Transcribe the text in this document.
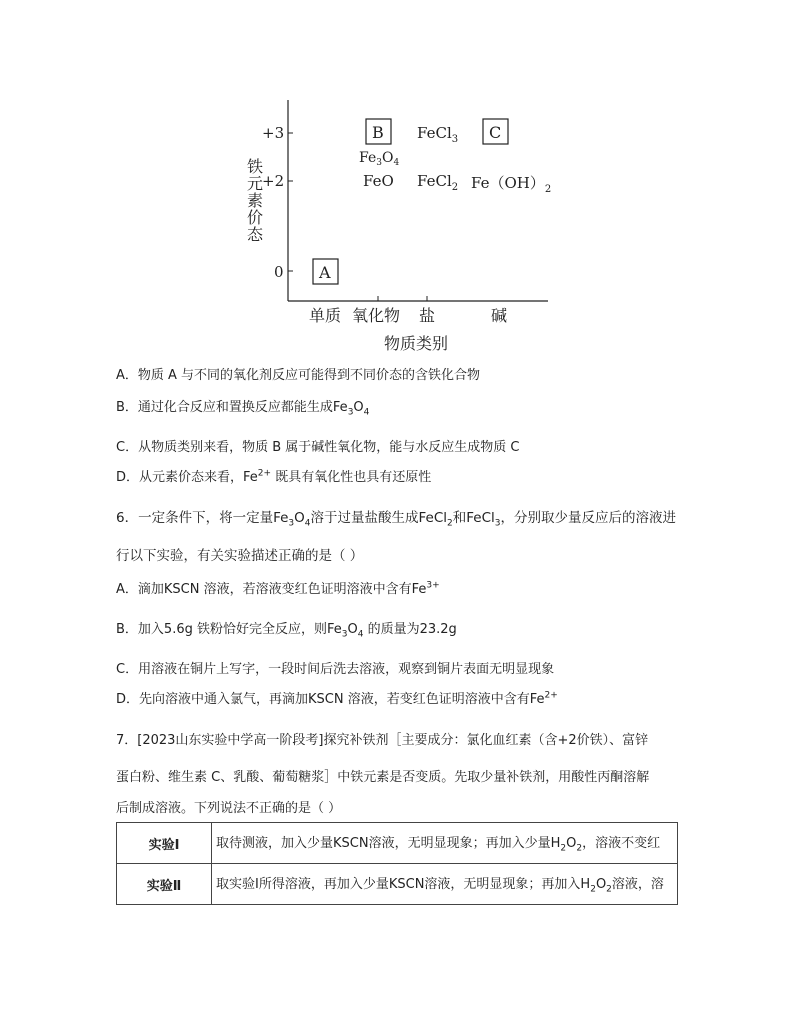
+3
+2
0
铁元素价态
单质 氧化物 盐	碱
物质类别
A
B	C
FeCl$_3$
$Fe_3O_4$
FeO FeCl$_2$ $Fe(OH)_2$
A．物质 A 与不同的氧化剂反应可能得到不同价态的含铁化合物
B．通过化合反应和置换反应都能生成$Fe_3O_4$
C．从物质类别来看，物质 B 属于碱性氧化物，能与水反应生成物质 C
D．从元素价态来看，$Fe^{2+}$ 既具有氧化性也具有还原性
6．一定条件下，将一定量$Fe_3O_4$溶于过量盐酸生成FeCl$_2$和FeCl$_3$，分别取少量反应后的溶液进
行以下实验，有关实验描述正确的是（ ）
A．滴加KSCN 溶液，若溶液变红色证明溶液中含有$Fe^{3+}$
B．加入5.6g 铁粉恰好完全反应，则$Fe_3O_4$ 的质量为23.2g
C．用溶液在铜片上写字，一段时间后洗去溶液，观察到铜片表面无明显现象
D．先向溶液中通入氯气，再滴加KSCN 溶液，若变红色证明溶液中含有$Fe^{2+}$
7．[2023山东实验中学高一阶段考]探究补铁剂［主要成分：氯化血红素（含+2价铁）、富锌
蛋白粉、维生素 C、乳酸、葡萄糖浆］中铁元素是否变质。先取少量补铁剂，用酸性丙酮溶解
后制成溶液。下列说法不正确的是（ ）
实验Ⅰ	取待测液，加入少量KSCN溶液，无明显现象；再加入少量$H_2O_2$，溶液不变红
实验Ⅱ	取实验Ⅰ所得溶液，再加入少量KSCN溶液，无明显现象；再加入$H_2O_2$溶液，溶
